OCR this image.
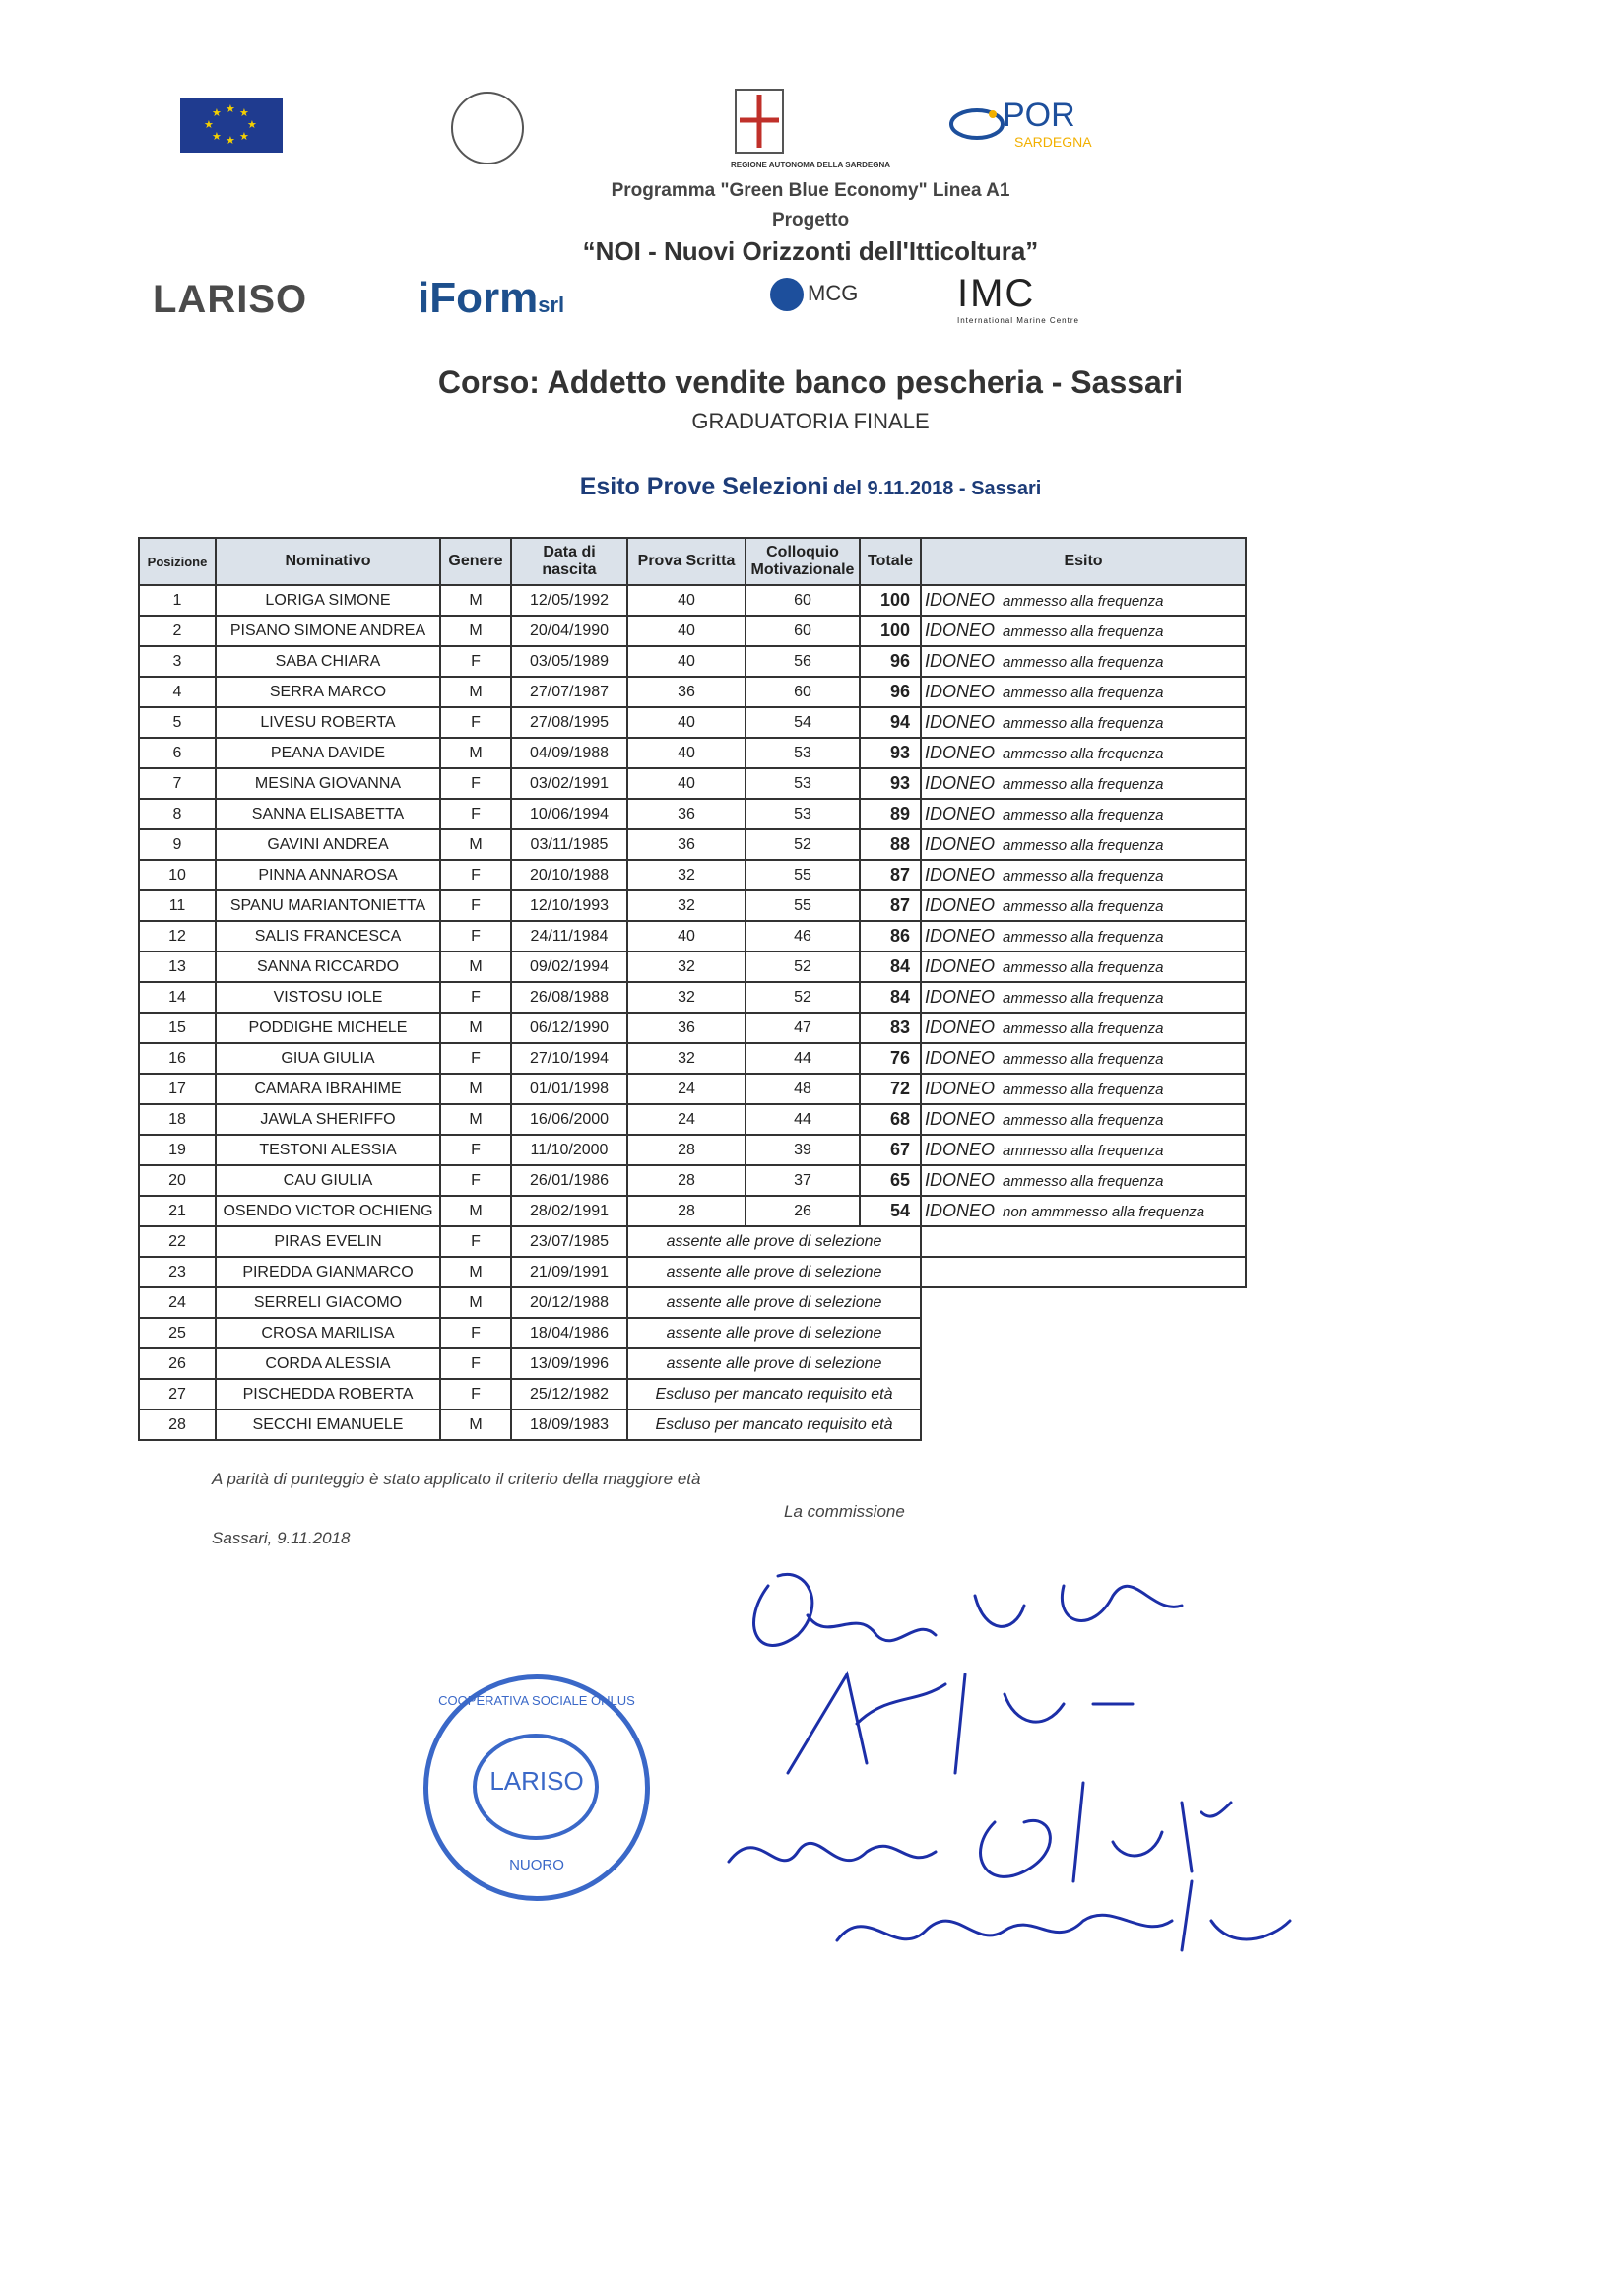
★ ★
★
★
★
★
★
★	POR
SARDEGNA
REGIONE AUTONOMA DELLA SARDEGNA
Programma "Green Blue Economy" Linea A1
Progetto
“NOI - Nuovi Orizzonti dell'Itticoltura”
LARISO	iFormsrl	MCG	IMC
International Marine Centre
Corso: Addetto vendite banco pescheria - Sassari
GRADUATORIA FINALE
Esito Prove Selezioni del 9.11.2018 - Sassari
Posizione	Nominativo	Genere	Data di nascita	Prova Scritta	Colloquio Motivazionale	Totale	Esito
1	LORIGA SIMONE	M	12/05/1992	40	60	100	IDONEO ammesso alla frequenza
2	PISANO SIMONE ANDREA	M	20/04/1990	40	60	100	IDONEO ammesso alla frequenza
3	SABA CHIARA	F	03/05/1989	40	56	96	IDONEO ammesso alla frequenza
4	SERRA MARCO	M	27/07/1987	36	60	96	IDONEO ammesso alla frequenza
5	LIVESU ROBERTA	F	27/08/1995	40	54	94	IDONEO ammesso alla frequenza
6	PEANA DAVIDE	M	04/09/1988	40	53	93	IDONEO ammesso alla frequenza
7	MESINA GIOVANNA	F	03/02/1991	40	53	93	IDONEO ammesso alla frequenza
8	SANNA ELISABETTA	F	10/06/1994	36	53	89	IDONEO ammesso alla frequenza
9	GAVINI ANDREA	M	03/11/1985	36	52	88	IDONEO ammesso alla frequenza
10	PINNA ANNAROSA	F	20/10/1988	32	55	87	IDONEO ammesso alla frequenza
11	SPANU MARIANTONIETTA	F	12/10/1993	32	55	87	IDONEO ammesso alla frequenza
12	SALIS FRANCESCA	F	24/11/1984	40	46	86	IDONEO ammesso alla frequenza
13	SANNA RICCARDO	M	09/02/1994	32	52	84	IDONEO ammesso alla frequenza
14	VISTOSU IOLE	F	26/08/1988	32	52	84	IDONEO ammesso alla frequenza
15	PODDIGHE MICHELE	M	06/12/1990	36	47	83	IDONEO ammesso alla frequenza
16	GIUA GIULIA	F	27/10/1994	32	44	76	IDONEO ammesso alla frequenza
17	CAMARA IBRAHIME	M	01/01/1998	24	48	72	IDONEO ammesso alla frequenza
18	JAWLA SHERIFFO	M	16/06/2000	24	44	68	IDONEO ammesso alla frequenza
19	TESTONI ALESSIA	F	11/10/2000	28	39	67	IDONEO ammesso alla frequenza
20	CAU GIULIA	F	26/01/1986	28	37	65	IDONEO ammesso alla frequenza
21	OSENDO VICTOR OCHIENG	M	28/02/1991	28	26	54	IDONEO non ammmesso alla frequenza
22	PIRAS EVELIN	F	23/07/1985	assente alle prove di selezione			
23	PIREDDA GIANMARCO	M	21/09/1991	assente alle prove di selezione			
24	SERRELI GIACOMO	M	20/12/1988	assente alle prove di selezione			
25	CROSA MARILISA	F	18/04/1986	assente alle prove di selezione			
26	CORDA ALESSIA	F	13/09/1996	assente alle prove di selezione			
27	PISCHEDDA ROBERTA	F	25/12/1982	Escluso per mancato requisito età			
28	SECCHI EMANUELE	M	18/09/1983	Escluso per mancato requisito età			
A parità di punteggio è stato applicato il criterio della maggiore età
La commissione
Sassari, 9.11.2018
LARISO
COOPERATIVA SOCIALE ONLUS
NUORO
